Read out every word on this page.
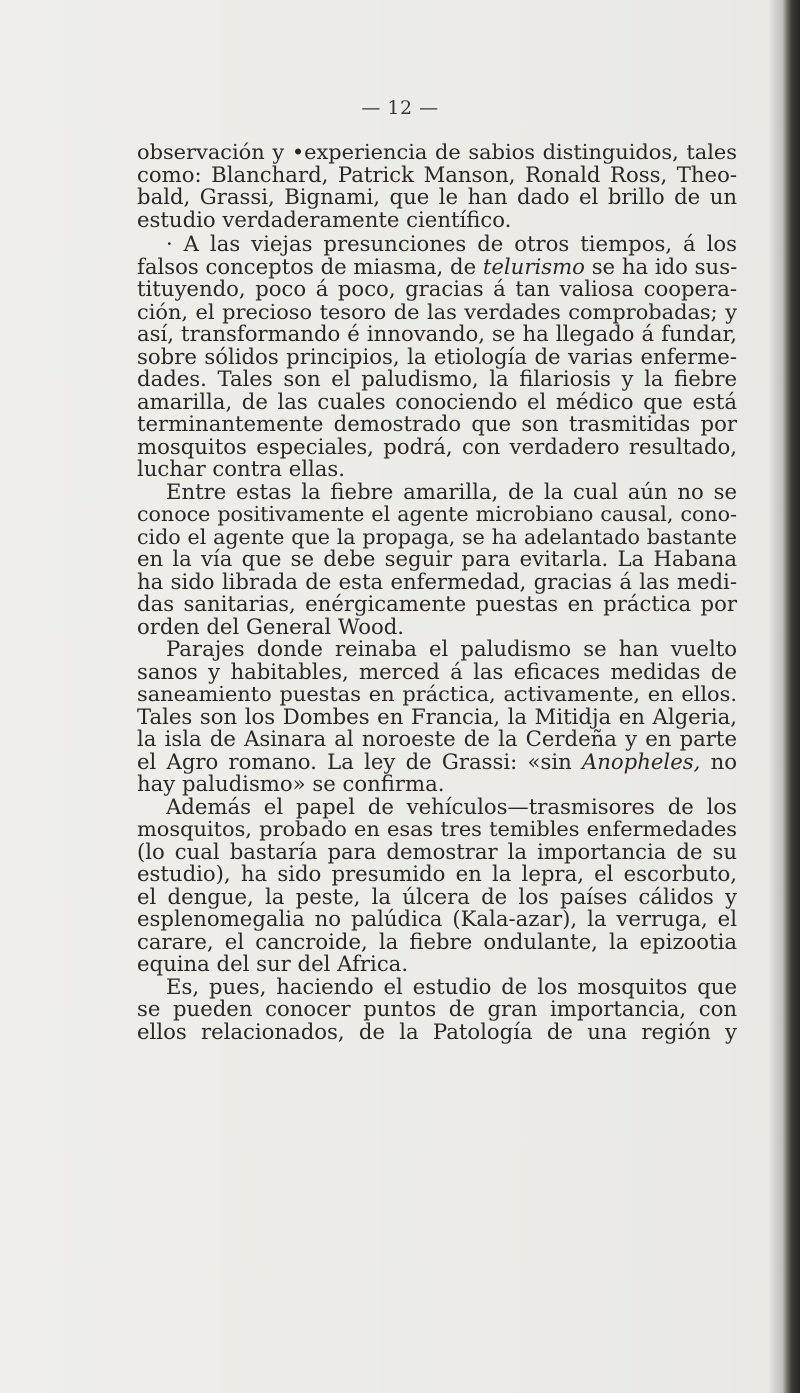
— 12 —

observación y •experiencia de sabios distinguidos, tales
como: Blanchard, Patrick Manson, Ronald Ross, Theo-
bald, Grassi, Bignami, que le han dado el brillo de un
estudio verdaderamente científico.

· A las viejas presunciones de otros tiempos, á los
falsos conceptos de miasma, de telurismo se ha ido sus-
tituyendo, poco á poco, gracias á tan valiosa coopera-
ción, el precioso tesoro de las verdades comprobadas; y
así, transformando é innovando, se ha llegado á fundar,
sobre sólidos principios, la etiología de varias enferme-
dades. Tales son el paludismo, la filariosis y la fiebre
amarilla, de las cuales conociendo el médico que está
terminantemente demostrado que son trasmitidas por
mosquitos especiales, podrá, con verdadero resultado,
luchar contra ellas.

Entre estas la fiebre amarilla, de la cual aún no se
conoce positivamente el agente microbiano causal, cono-
cido el agente que la propaga, se ha adelantado bastante
en la vía que se debe seguir para evitarla. La Habana
ha sido librada de esta enfermedad, gracias á las medi-
das sanitarias, enérgicamente puestas en práctica por
orden del General Wood.

Parajes donde reinaba el paludismo se han vuelto
sanos y habitables, merced á las eficaces medidas de
saneamiento puestas en práctica, activamente, en ellos.
Tales son los Dombes en Francia, la Mitidja en Algeria,
la isla de Asinara al noroeste de la Cerdeña y en parte
el Agro romano. La ley de Grassi: «sin Anopheles, no
hay paludismo» se confirma.

Además el papel de vehículos—trasmisores de los
mosquitos, probado en esas tres temibles enfermedades
(lo cual bastaría para demostrar la importancia de su
estudio), ha sido presumido en la lepra, el escorbuto,
el dengue, la peste, la úlcera de los países cálidos y
esplenomegalia no palúdica (Kala-azar), la verruga, el
carare, el cancroide, la fiebre ondulante, la epizootia
equina del sur del Africa.

Es, pues, haciendo el estudio de los mosquitos que
se pueden conocer puntos de gran importancia, con
ellos relacionados, de la Patología de una región y
